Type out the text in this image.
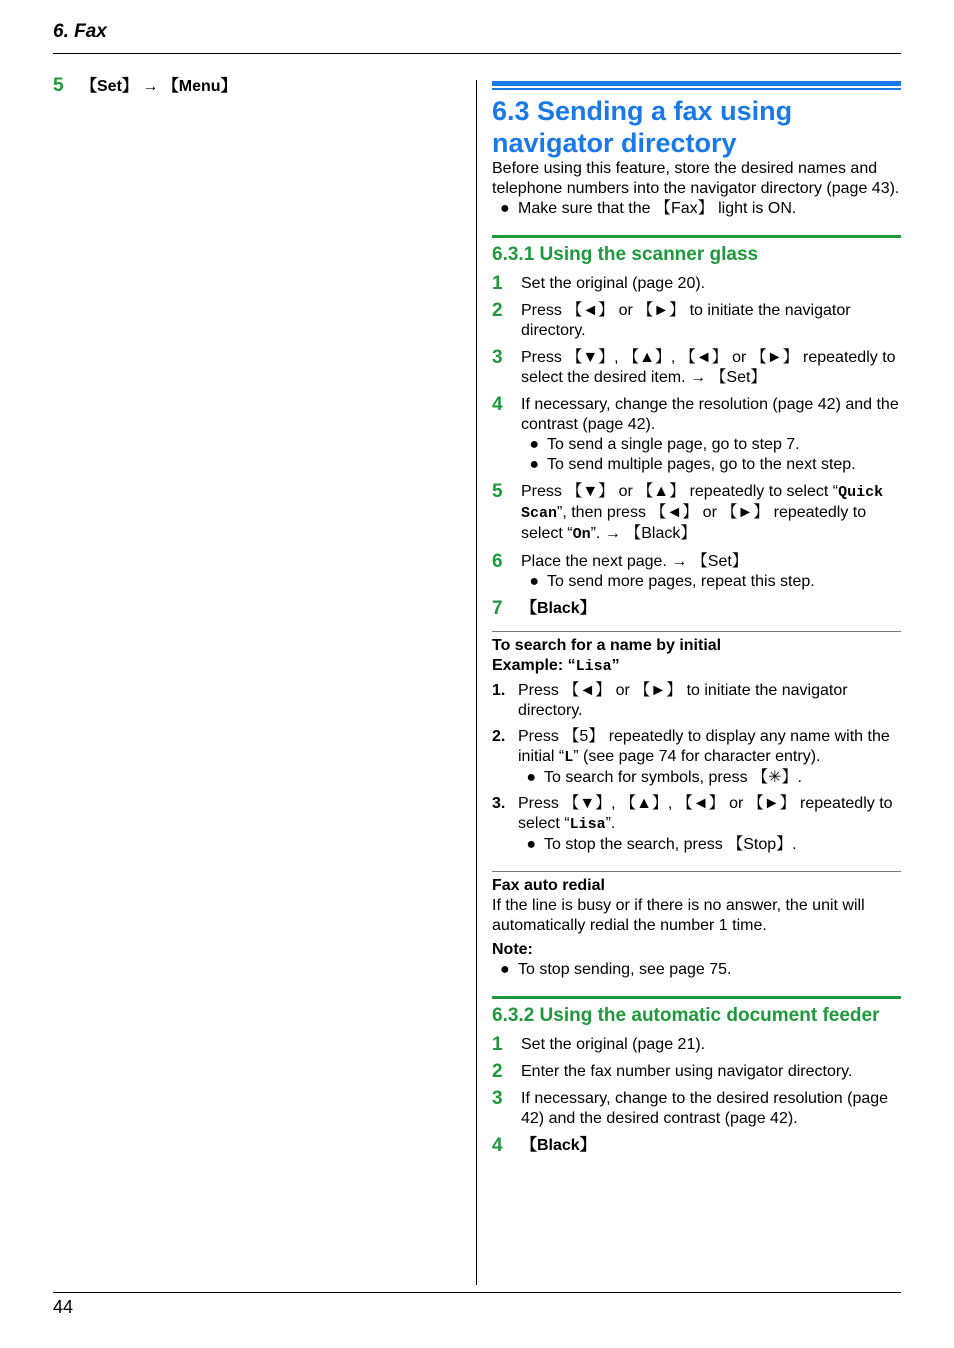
6. Fax
5	【Set】 → 【Menu】
6.3 Sending a fax using navigator directory

Before using this feature, store the desired names and telephone numbers into the navigator directory (page 43).

● Make sure that the 【Fax】 light is ON.
6.3.1 Using the scanner glass
1	Set the original (page 20).
2	Press 【◄】 or 【►】 to initiate the navigator directory.
3	Press 【▼】, 【▲】, 【◄】 or 【►】 repeatedly to select the desired item. → 【Set】
4	If necessary, change the resolution (page 42) and the contrast (page 42).
● To send a single page, go to step 7.
● To send multiple pages, go to the next step.
5	Press 【▼】 or 【▲】 repeatedly to select “Quick Scan”, then press 【◄】 or 【►】 repeatedly to select “On”. → 【Black】
6	Place the next page. → 【Set】
● To send more pages, repeat this step.
7	【Black】
To search for a name by initial
Example: “Lisa”
1. Press 【◄】 or 【►】 to initiate the navigator directory.
2. Press 【5】 repeatedly to display any name with the initial “L” (see page 74 for character entry).
● To search for symbols, press 【✳】.
3. Press 【▼】, 【▲】, 【◄】 or 【►】 repeatedly to select “Lisa”.
● To stop the search, press 【Stop】.
Fax auto redial

If the line is busy or if there is no answer, the unit will automatically redial the number 1 time.

Note:
● To stop sending, see page 75.
6.3.2 Using the automatic document feeder
1	Set the original (page 21).
2	Enter the fax number using navigator directory.
3	If necessary, change to the desired resolution (page 42) and the desired contrast (page 42).
4	【Black】
44
